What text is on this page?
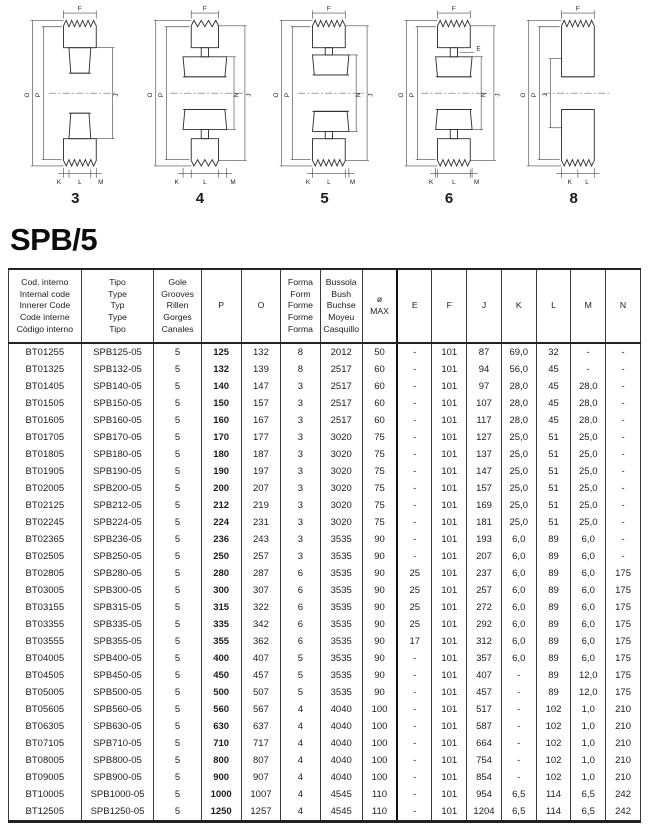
F
O P	J
K L M
3
F
O P	N J
K	L	M
4
F
O P	N J
K L	M
5
F
O P
E
N J
K	L	M
6
F
O P J
K L
8
SPB/5
Cod. interno
Internal code
Innerer Code
Code interne
Còdigo interno

Tipo
Type
Typ
Type
Tipo

Gole
Grooves
Rillen
Gorges
Canales

P	O

Forma
Form
Forme
Forme
Forma

Bussola
Bush
Buchse
Moyeu
Casquillo

ø
MAX

E	F	J	K	L	M	N

BT01255	SPB125-05	5	125	132	8	2012	50	-	101	87	69,0	32	-	-
BT01325	SPB132-05	5	132	139	8	2517	60	-	101	94	56,0	45	-	-
BT01405	SPB140-05	5	140	147	3	2517	60	-	101	97	28,0	45	28,0	-
BT01505	SPB150-05	5	150	157	3	2517	60	-	101	107	28,0	45	28,0	-
BT01605	SPB160-05	5	160	167	3	2517	60	-	101	117	28,0	45	28,0	-
BT01705	SPB170-05	5	170	177	3	3020	75	-	101	127	25,0	51	25,0	-
BT01805	SPB180-05	5	180	187	3	3020	75	-	101	137	25,0	51	25,0	-
BT01905	SPB190-05	5	190	197	3	3020	75	-	101	147	25,0	51	25,0	-
BT02005	SPB200-05	5	200	207	3	3020	75	-	101	157	25,0	51	25,0	-
BT02125	SPB212-05	5	212	219	3	3020	75	-	101	169	25,0	51	25,0	-
BT02245	SPB224-05	5	224	231	3	3020	75	-	101	181	25,0	51	25,0	-
BT02365	SPB236-05	5	236	243	3	3535	90	-	101	193	6,0	89	6,0	-
BT02505	SPB250-05	5	250	257	3	3535	90	-	101	207	6,0	89	6,0	-
BT02805	SPB280-05	5	280	287	6	3535	90	25	101	237	6,0	89	6,0	175
BT03005	SPB300-05	5	300	307	6	3535	90	25	101	257	6,0	89	6,0	175
BT03155	SPB315-05	5	315	322	6	3535	90	25	101	272	6,0	89	6,0	175
BT03355	SPB335-05	5	335	342	6	3535	90	25	101	292	6,0	89	6,0	175
BT03555	SPB355-05	5	355	362	6	3535	90	17	101	312	6,0	89	6,0	175
BT04005	SPB400-05	5	400	407	5	3535	90	-	101	357	6,0	89	6,0	175
BT04505	SPB450-05	5	450	457	5	3535	90	-	101	407	-	89	12,0	175
BT05005	SPB500-05	5	500	507	5	3535	90	-	101	457	-	89	12,0	175
BT05605	SPB560-05	5	560	567	4	4040	100	-	101	517	-	102	1,0	210
BT06305	SPB630-05	5	630	637	4	4040	100	-	101	587	-	102	1,0	210
BT07105	SPB710-05	5	710	717	4	4040	100	-	101	664	-	102	1,0	210
BT08005	SPB800-05	5	800	807	4	4040	100	-	101	754	-	102	1,0	210
BT09005	SPB900-05	5	900	907	4	4040	100	-	101	854	-	102	1,0	210
BT10005	SPB1000-05	5	1000	1007	4	4545	110	-	101	954	6,5	114	6,5	242
BT12505	SPB1250-05	5	1250	1257	4	4545	110	-	101	1204	6,5	114	6,5	242
